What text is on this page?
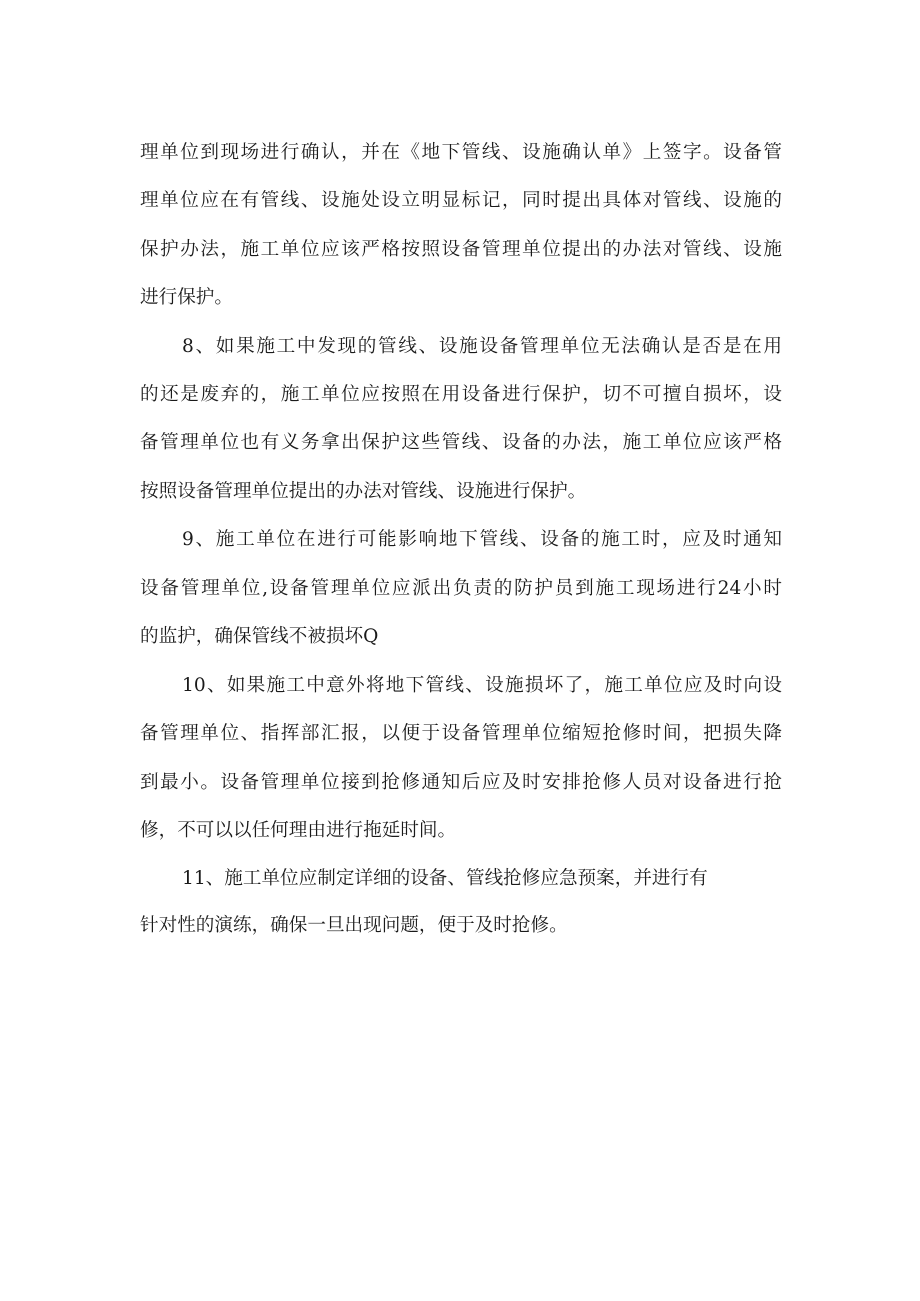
理单位到现场进行确认，并在《地下管线、设施确认单》上签字。设备管
理单位应在有管线、设施处设立明显标记，同时提出具体对管线、设施的
保护办法，施工单位应该严格按照设备管理单位提出的办法对管线、设施
进行保护。
8、如果施工中发现的管线、设施设备管理单位无法确认是否是在用
的还是废弃的，施工单位应按照在用设备进行保护，切不可擅自损坏，设
备管理单位也有义务拿出保护这些管线、设备的办法，施工单位应该严格
按照设备管理单位提出的办法对管线、设施进行保护。
9、施工单位在进行可能影响地下管线、设备的施工时，应及时通知
设备管理单位,设备管理单位应派出负责的防护员到施工现场进行24小时
的监护，确保管线不被损坏Q
10、如果施工中意外将地下管线、设施损坏了，施工单位应及时向设
备管理单位、指挥部汇报，以便于设备管理单位缩短抢修时间，把损失降
到最小。设备管理单位接到抢修通知后应及时安排抢修人员对设备进行抢
修，不可以以任何理由进行拖延时间。
11、施工单位应制定详细的设备、管线抢修应急预案，并进行有
针对性的演练，确保一旦出现问题，便于及时抢修。
